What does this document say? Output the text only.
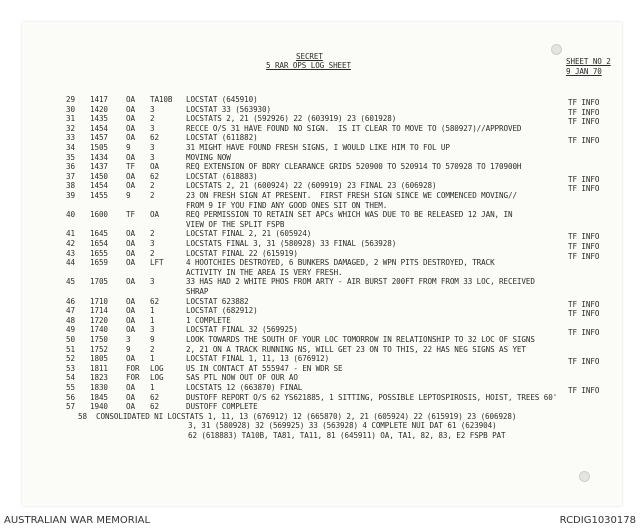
SECRET
5 RAR OPS LOG SHEET	SHEET NO 2
9 JAN 70
29 1417 OA TA10B LOCSTAT (645910)	TF INFO
30 1420 OA 3	LOCSTAT 33 (563930)	TF INFO
31 1435 OA 2	LOCSTATS 2, 21 (592926) 22 (603919) 23 (601928)	TF INFO
32 1454 OA 3	RECCE O/S 31 HAVE FOUND NO SIGN.  IS IT CLEAR TO MOVE TO (580927)//APPROVED
33 1457 OA 62	LOCSTAT (611882)	TF INFO
34 1505 9	3	31 MIGHT HAVE FOUND FRESH SIGNS, I WOULD LIKE HIM TO FOL UP
35 1434 OA 3	MOVING NOW
36 1437 TF OA	REQ EXTENSION OF BDRY CLEARANCE GRIDS 520900 TO 520914 TO 570928 TO 170900H
37 1450 OA 62	LOCSTAT (618883)	TF INFO
38 1454 OA 2	LOCSTATS 2, 21 (600924) 22 (609919) 23 FINAL 23 (606928)	TF INFO
39 1455 9	2	23 ON FRESH SIGN AT PRESENT.  FIRST FRESH SIGN SINCE WE COMMENCED MOVING//
FROM 9 IF YOU FIND ANY GOOD ONES SIT ON THEM.
40 1600 TF OA	REQ PERMISSION TO RETAIN SET APCs WHICH WAS DUE TO BE RELEASED 12 JAN, IN
VIEW OF THE SPLIT FSPB
41 1645 OA 2	LOCSTAT FINAL 2, 21 (605924)	TF INFO
42 1654 OA 3	LOCSTATS FINAL 3, 31 (580928) 33 FINAL (563928)	TF INFO
43 1655 OA 2	LOCSTAT FINAL 22 (615919)	TF INFO
44 1659 OA LFT	4 HOOTCHIES DESTROYED, 6 BUNKERS DAMAGED, 2 WPN PITS DESTROYED, TRACK
ACTIVITY IN THE AREA IS VERY FRESH.
45 1705 OA 3	33 HAS HAD 2 WHITE PHOS FROM ARTY - AIR BURST 200FT FROM FROM 33 LOC, RECEIVED
SHRAP
46 1710 OA 62	LOCSTAT 623882	TF INFO
47 1714 OA 1	LOCSTAT (682912)	TF INFO
48 1720 OA 1	1 COMPLETE
49 1740 OA 3	LOCSTAT FINAL 32 (569925)	TF INFO
50 1750 3	9	LOOK TOWARDS THE SOUTH OF YOUR LOC TOMORROW IN RELATIONSHIP TO 32 LOC OF SIGNS
51 1752 9	2	2, 21 ON A TRACK RUNNING NS, WILL GET 23 ON TO THIS, 22 HAS NEG SIGNS AS YET
52 1805 OA 1	LOCSTAT FINAL 1, 11, 13 (676912)	TF INFO
53 1811 FOR LOG	US IN CONTACT AT 555947 - EN WDR SE
54 1823 FOR LOG	SAS PTL NOW OUT OF OUR AO
55 1830 OA 1	LOCSTATS 12 (663870) FINAL	TF INFO
56 1845 OA 62	DUSTOFF REPORT O/S 62 YS621885, 1 SITTING, POSSIBLE LEPTOSPIROSIS, HOIST, TREES 60'
57 1940 OA 62	DUSTOFF COMPLETE
58 CONSOLIDATED NI LOCSTATS 1, 11, 13 (676912) 12 (665870) 2, 21 (605924) 22 (615919) 23 (606928)
3, 31 (580928) 32 (569925) 33 (563928) 4 COMPLETE NUI DAT 61 (623904)
62 (618883) TA10B, TA81, TA11, 81 (645911) OA, TA1, 82, 83, E2 FSPB PAT
AUSTRALIAN WAR MEMORIAL	RCDIG1030178
